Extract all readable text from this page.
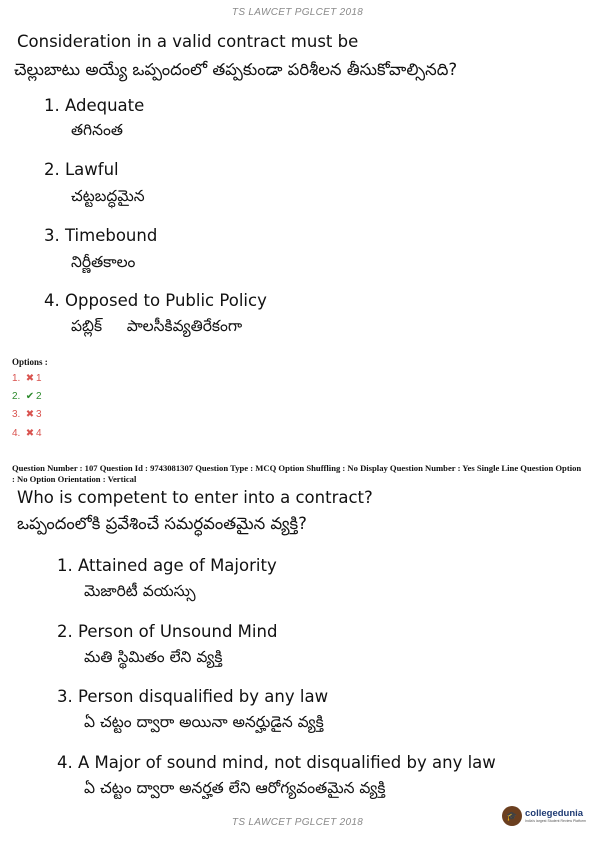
TS LAWCET PGLCET 2018
Consideration in a valid contract must be
చెల్లుబాటు అయ్యే ఒప్పందంలో తప్పకుండా పరిశీలన తీసుకోవాల్సినది?
1. Adequate
తగినంత
2. Lawful
చట్టబద్ధమైన
3. Timebound
నిర్ణీతకాలం
4. Opposed to Public Policy
పబ్లిక్     పాలసీకివ్యతిరేకంగా
Options :
1. ✖ 1
2. ✔ 2
3. ✖ 3
4. ✖ 4
Question Number : 107 Question Id : 9743081307 Question Type : MCQ Option Shuffling : No Display Question Number : Yes Single Line Question Option : No Option Orientation : Vertical
Who is competent to enter into a contract?
ఒప్పందంలోకి ప్రవేశించే సమర్ధవంతమైన వ్యక్తి?
1. Attained age of Majority
మెజారిటీ వయస్సు
2. Person of Unsound Mind
మతి స్థిమితం లేని వ్యక్తి
3. Person disqualified by any law
ఏ చట్టం ద్వారా అయినా అనర్హుడైన వ్యక్తి
4. A Major of sound mind, not disqualified by any law
ఏ చట్టం ద్వారా అనర్హత లేని ఆరోగ్యవంతమైన వ్యక్తి
TS LAWCET PGLCET 2018
🎓 collegedunia
India's largest Student Review Platform
